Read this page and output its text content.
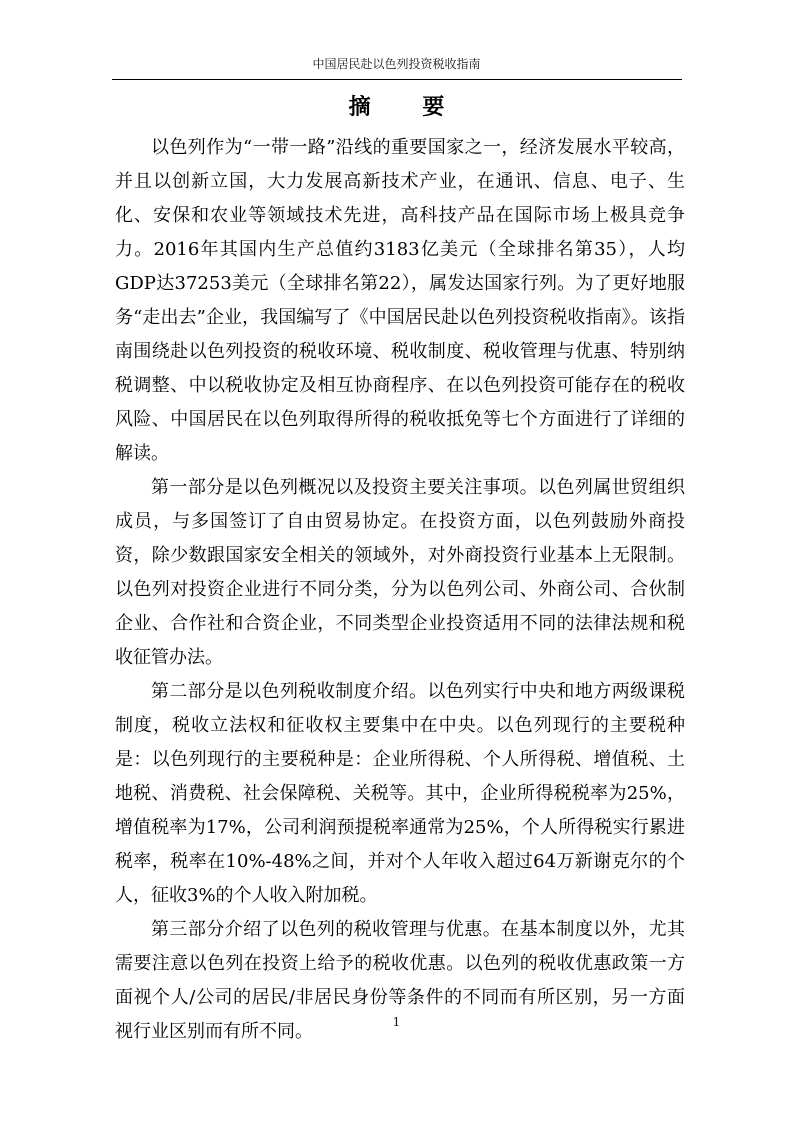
中国居民赴以色列投资税收指南
摘 要

以色列作为“一带一路”沿线的重要国家之一，经济发展水平较高，并且以创新立国，大力发展高新技术产业，在通讯、信息、电子、生化、安保和农业等领域技术先进，高科技产品在国际市场上极具竞争力。2016年其国内生产总值约3183亿美元（全球排名第35），人均GDP达37253美元（全球排名第22），属发达国家行列。为了更好地服务“走出去”企业，我国编写了《中国居民赴以色列投资税收指南》。该指南围绕赴以色列投资的税收环境、税收制度、税收管理与优惠、特别纳税调整、中以税收协定及相互协商程序、在以色列投资可能存在的税收风险、中国居民在以色列取得所得的税收抵免等七个方面进行了详细的解读。

第一部分是以色列概况以及投资主要关注事项。以色列属世贸组织成员，与多国签订了自由贸易协定。在投资方面，以色列鼓励外商投资，除少数跟国家安全相关的领域外，对外商投资行业基本上无限制。以色列对投资企业进行不同分类，分为以色列公司、外商公司、合伙制企业、合作社和合资企业，不同类型企业投资适用不同的法律法规和税收征管办法。

第二部分是以色列税收制度介绍。以色列实行中央和地方两级课税制度，税收立法权和征收权主要集中在中央。以色列现行的主要税种是：以色列现行的主要税种是：企业所得税、个人所得税、增值税、土地税、消费税、社会保障税、关税等。其中，企业所得税税率为25%，增值税率为17%，公司利润预提税率通常为25%，个人所得税实行累进税率，税率在10%-48%之间，并对个人年收入超过64万新谢克尔的个人，征收3%的个人收入附加税。

第三部分介绍了以色列的税收管理与优惠。在基本制度以外，尤其需要注意以色列在投资上给予的税收优惠。以色列的税收优惠政策一方面视个人/公司的居民/非居民身份等条件的不同而有所区别，另一方面视行业区别而有所不同。	1
